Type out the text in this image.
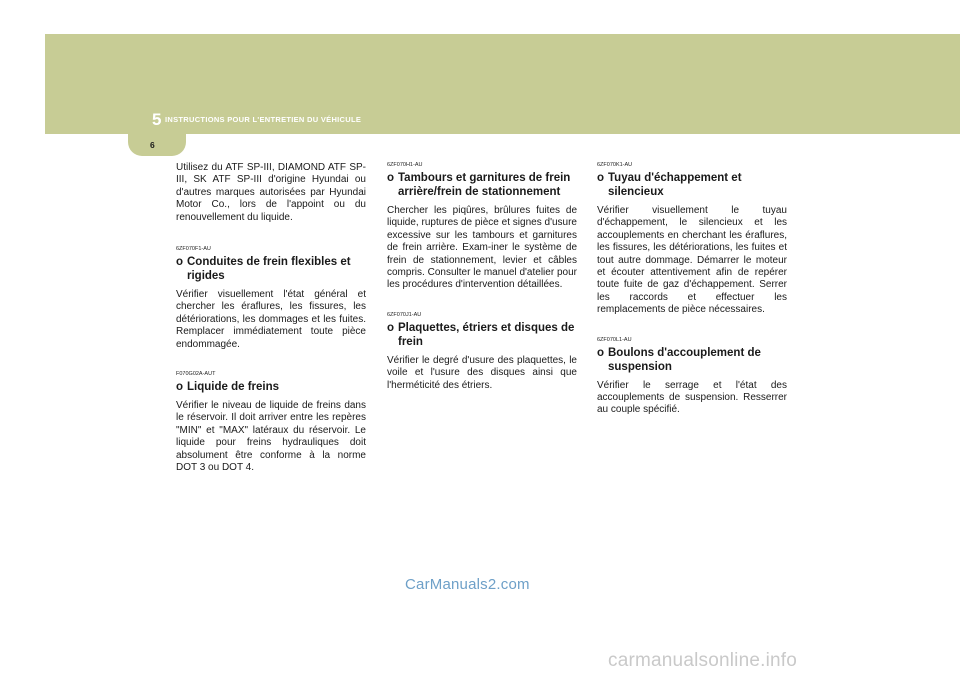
5 INSTRUCTIONS POUR L'ENTRETIEN DU VÉHICULE
6

Utilisez du ATF SP-III, DIAMOND ATF SP-III, SK ATF SP-III d'origine Hyundai ou d'autres marques autorisées par Hyundai Motor Co., lors de l'appoint ou du renouvellement du liquide.

6ZF070F1-AU

o Conduites de frein flexibles et rigides

Vérifier visuellement l'état général et chercher les éraflures, les fissures, les détériorations, les dommages et les fuites. Remplacer immédiatement toute pièce endommagée.

F070G02A-AUT

o Liquide de freins

Vérifier le niveau de liquide de freins dans le réservoir. Il doit arriver entre les repères "MIN" et "MAX" latéraux du réservoir. Le liquide pour freins hydrauliques doit absolument être conforme à la norme DOT 3 ou DOT 4.

6ZF070H1-AU

o Tambours et garnitures de frein arrière/frein de stationnement

Chercher les piqûres, brûlures fuites de liquide, ruptures de pièce et signes d'usure excessive sur les tambours et garnitures de frein arrière. Exam-iner le système de frein de stationnement, levier et câbles compris. Consulter le manuel d'atelier pour les procédures d'intervention détaillées.

6ZF070J1-AU

o Plaquettes, étriers et disques de frein

Vérifier le degré d'usure des plaquettes, le voile et l'usure des disques ainsi que l'herméticité des étriers.

6ZF070K1-AU

o Tuyau d'échappement et silencieux

Vérifier visuellement le tuyau d'échappement, le silencieux et les accouplements en cherchant les éraflures, les fissures, les détériorations, les fuites et tout autre dommage. Démarrer le moteur et écouter attentivement afin de repérer toute fuite de gaz d'échappement. Serrer les raccords et effectuer les remplacements de pièce nécessaires.

6ZF070L1-AU

o Boulons d'accouplement de suspension

Vérifier le serrage et l'état des accouplements de suspension. Resserrer au couple spécifié.

CarManuals2.com
carmanualsonline.info
